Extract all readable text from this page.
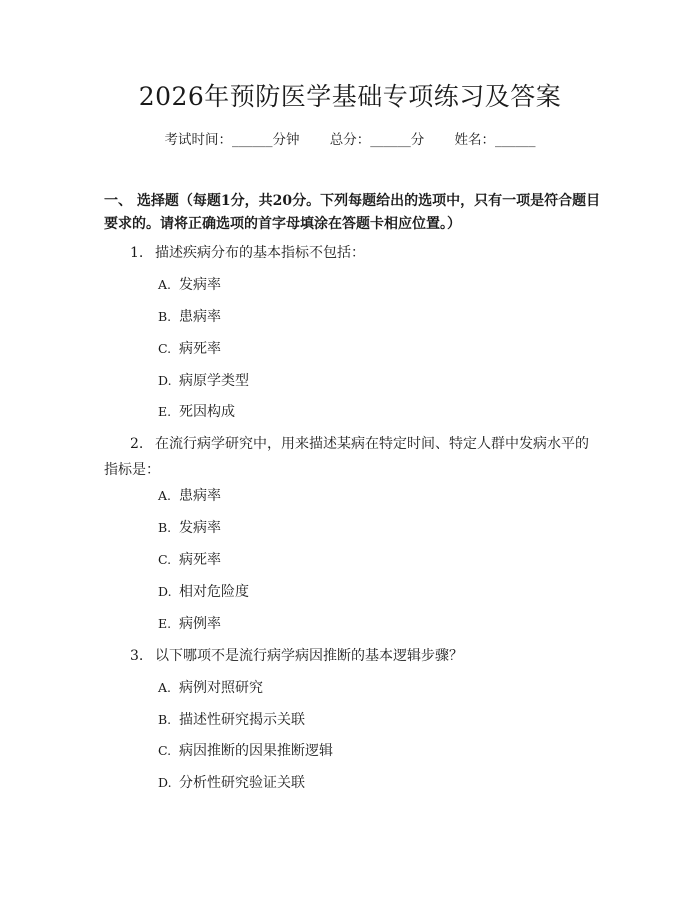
2026年预防医学基础专项练习及答案
考试时间：______分钟 总分：______分 姓名：______
一、 选择题（每题1分，共20分。下列每题给出的选项中，只有一项是符合题目要求的。请将正确选项的首字母填涂在答题卡相应位置。）
1. 描述疾病分布的基本指标不包括：
A. 发病率
B. 患病率
C. 病死率
D. 病原学类型
E. 死因构成
2. 在流行病学研究中，用来描述某病在特定时间、特定人群中发病水平的指标是：
A. 患病率
B. 发病率
C. 病死率
D. 相对危险度
E. 病例率
3. 以下哪项不是流行病学病因推断的基本逻辑步骤？
A. 病例对照研究
B. 描述性研究揭示关联
C. 病因推断的因果推断逻辑
D. 分析性研究验证关联
